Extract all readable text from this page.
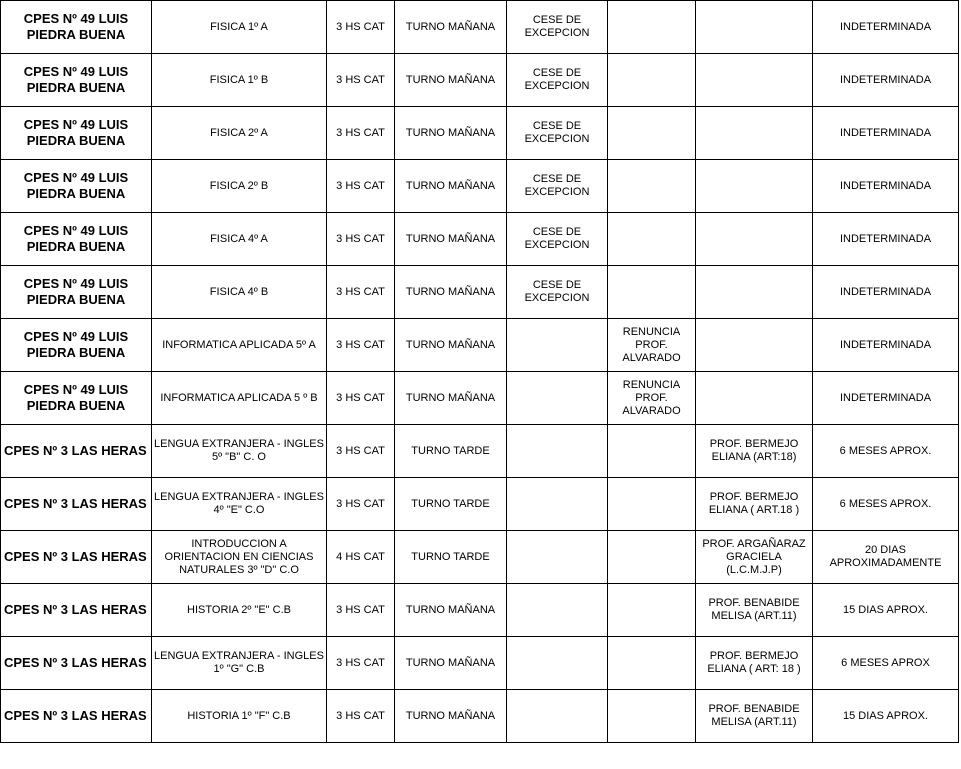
CPES Nº 49 LUIS PIEDRA BUENA	FISICA 1º A	3 HS CAT	TURNO MAÑANA	CESE DE EXCEPCION			INDETERMINADA
CPES Nº 49 LUIS PIEDRA BUENA	FISICA 1º B	3 HS CAT	TURNO MAÑANA	CESE DE EXCEPCION			INDETERMINADA
CPES Nº 49 LUIS PIEDRA BUENA	FISICA 2º A	3 HS CAT	TURNO MAÑANA	CESE DE EXCEPCION			INDETERMINADA
CPES Nº 49 LUIS PIEDRA BUENA	FISICA 2º B	3 HS CAT	TURNO MAÑANA	CESE DE EXCEPCION			INDETERMINADA
CPES Nº 49 LUIS PIEDRA BUENA	FISICA 4º A	3 HS CAT	TURNO MAÑANA	CESE DE EXCEPCION			INDETERMINADA
CPES Nº 49 LUIS PIEDRA BUENA	FISICA 4º B	3 HS CAT	TURNO MAÑANA	CESE DE EXCEPCION			INDETERMINADA
CPES Nº 49 LUIS PIEDRA BUENA	INFORMATICA APLICADA 5º A	3 HS CAT	TURNO MAÑANA		RENUNCIA PROF. ALVARADO		INDETERMINADA
CPES Nº 49 LUIS PIEDRA BUENA	INFORMATICA APLICADA 5 º B	3 HS CAT	TURNO MAÑANA		RENUNCIA PROF. ALVARADO		INDETERMINADA
CPES Nº 3 LAS HERAS	LENGUA EXTRANJERA - INGLES 5º "B" C. O	3 HS CAT	TURNO TARDE			PROF. BERMEJO ELIANA (ART:18)	6 MESES APROX.
CPES Nº 3 LAS HERAS	LENGUA EXTRANJERA - INGLES 4º "E" C.O	3 HS CAT	TURNO TARDE			PROF. BERMEJO ELIANA ( ART.18 )	6 MESES APROX.
CPES Nº 3 LAS HERAS	INTRODUCCION A ORIENTACION EN CIENCIAS NATURALES 3º "D" C.O	4 HS CAT	TURNO TARDE			PROF. ARGAÑARAZ GRACIELA (L.C.M.J.P)	20 DIAS APROXIMADAMENTE
CPES Nº 3 LAS HERAS	HISTORIA 2º "E" C.B	3 HS CAT	TURNO MAÑANA			PROF. BENABIDE MELISA (ART.11)	15 DIAS APROX.
CPES Nº 3 LAS HERAS	LENGUA EXTRANJERA - INGLES 1º "G" C.B	3 HS CAT	TURNO MAÑANA			PROF. BERMEJO ELIANA ( ART: 18 )	6 MESES APROX
CPES Nº 3 LAS HERAS	HISTORIA 1º "F" C.B	3 HS CAT	TURNO MAÑANA			PROF. BENABIDE MELISA (ART.11)	15 DIAS APROX.
